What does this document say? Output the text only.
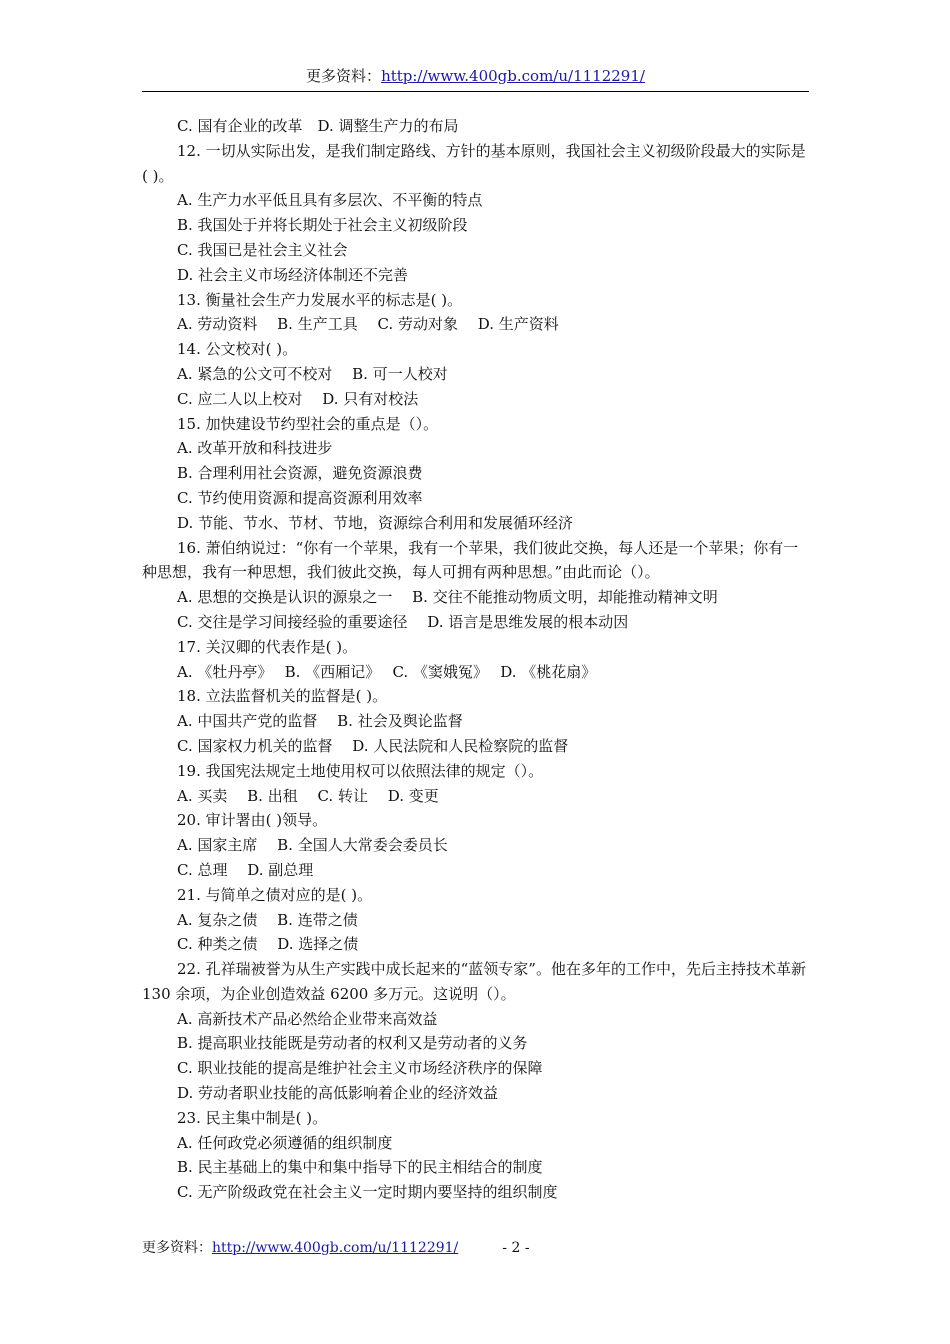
更多资料：http://www.400gb.com/u/1112291/
C. 国有企业的改革　D. 调整生产力的布局
12. 一切从实际出发，是我们制定路线、方针的基本原则，我国社会主义初级阶段最大的实际是( )。
A. 生产力水平低且具有多层次、不平衡的特点
B. 我国处于并将长期处于社会主义初级阶段
C. 我国已是社会主义社会
D. 社会主义市场经济体制还不完善
13. 衡量社会生产力发展水平的标志是( )。
A. 劳动资料　 B. 生产工具　 C. 劳动对象　 D. 生产资料
14. 公文校对( )。
A. 紧急的公文可不校对　 B. 可一人校对
C. 应二人以上校对　 D. 只有对校法
15. 加快建设节约型社会的重点是（）。
A. 改革开放和科技进步
B. 合理利用社会资源，避免资源浪费
C. 节约使用资源和提高资源利用效率
D. 节能、节水、节材、节地，资源综合利用和发展循环经济
16. 萧伯纳说过：“你有一个苹果，我有一个苹果，我们彼此交换，每人还是一个苹果；你有一种思想，我有一种思想，我们彼此交换，每人可拥有两种思想。”由此而论（）。
A. 思想的交换是认识的源泉之一　 B. 交往不能推动物质文明，却能推动精神文明
C. 交往是学习间接经验的重要途径　 D. 语言是思维发展的根本动因
17. 关汉卿的代表作是( )。
A. 《牡丹亭》　 B. 《西厢记》　 C. 《窦娥冤》　 D. 《桃花扇》
18. 立法监督机关的监督是( )。
A. 中国共产党的监督　 B. 社会及舆论监督
C. 国家权力机关的监督　 D. 人民法院和人民检察院的监督
19. 我国宪法规定土地使用权可以依照法律的规定（）。
A. 买卖　 B. 出租　 C. 转让　 D. 变更
20. 审计署由( )领导。
A. 国家主席　 B. 全国人大常委会委员长
C. 总理　 D. 副总理
21. 与简单之债对应的是( )。
A. 复杂之债　 B. 连带之债
C. 种类之债　 D. 选择之债
22. 孔祥瑞被誉为从生产实践中成长起来的“蓝领专家”。他在多年的工作中，先后主持技术革新 130 余项，为企业创造效益 6200 多万元。这说明（）。
A. 高新技术产品必然给企业带来高效益
B. 提高职业技能既是劳动者的权利又是劳动者的义务
C. 职业技能的提高是维护社会主义市场经济秩序的保障
D. 劳动者职业技能的高低影响着企业的经济效益
23. 民主集中制是( )。
A. 任何政党必须遵循的组织制度
B. 民主基础上的集中和集中指导下的民主相结合的制度
C. 无产阶级政党在社会主义一定时期内要坚持的组织制度
更多资料：http://www.400gb.com/u/1112291/	- 2 -
